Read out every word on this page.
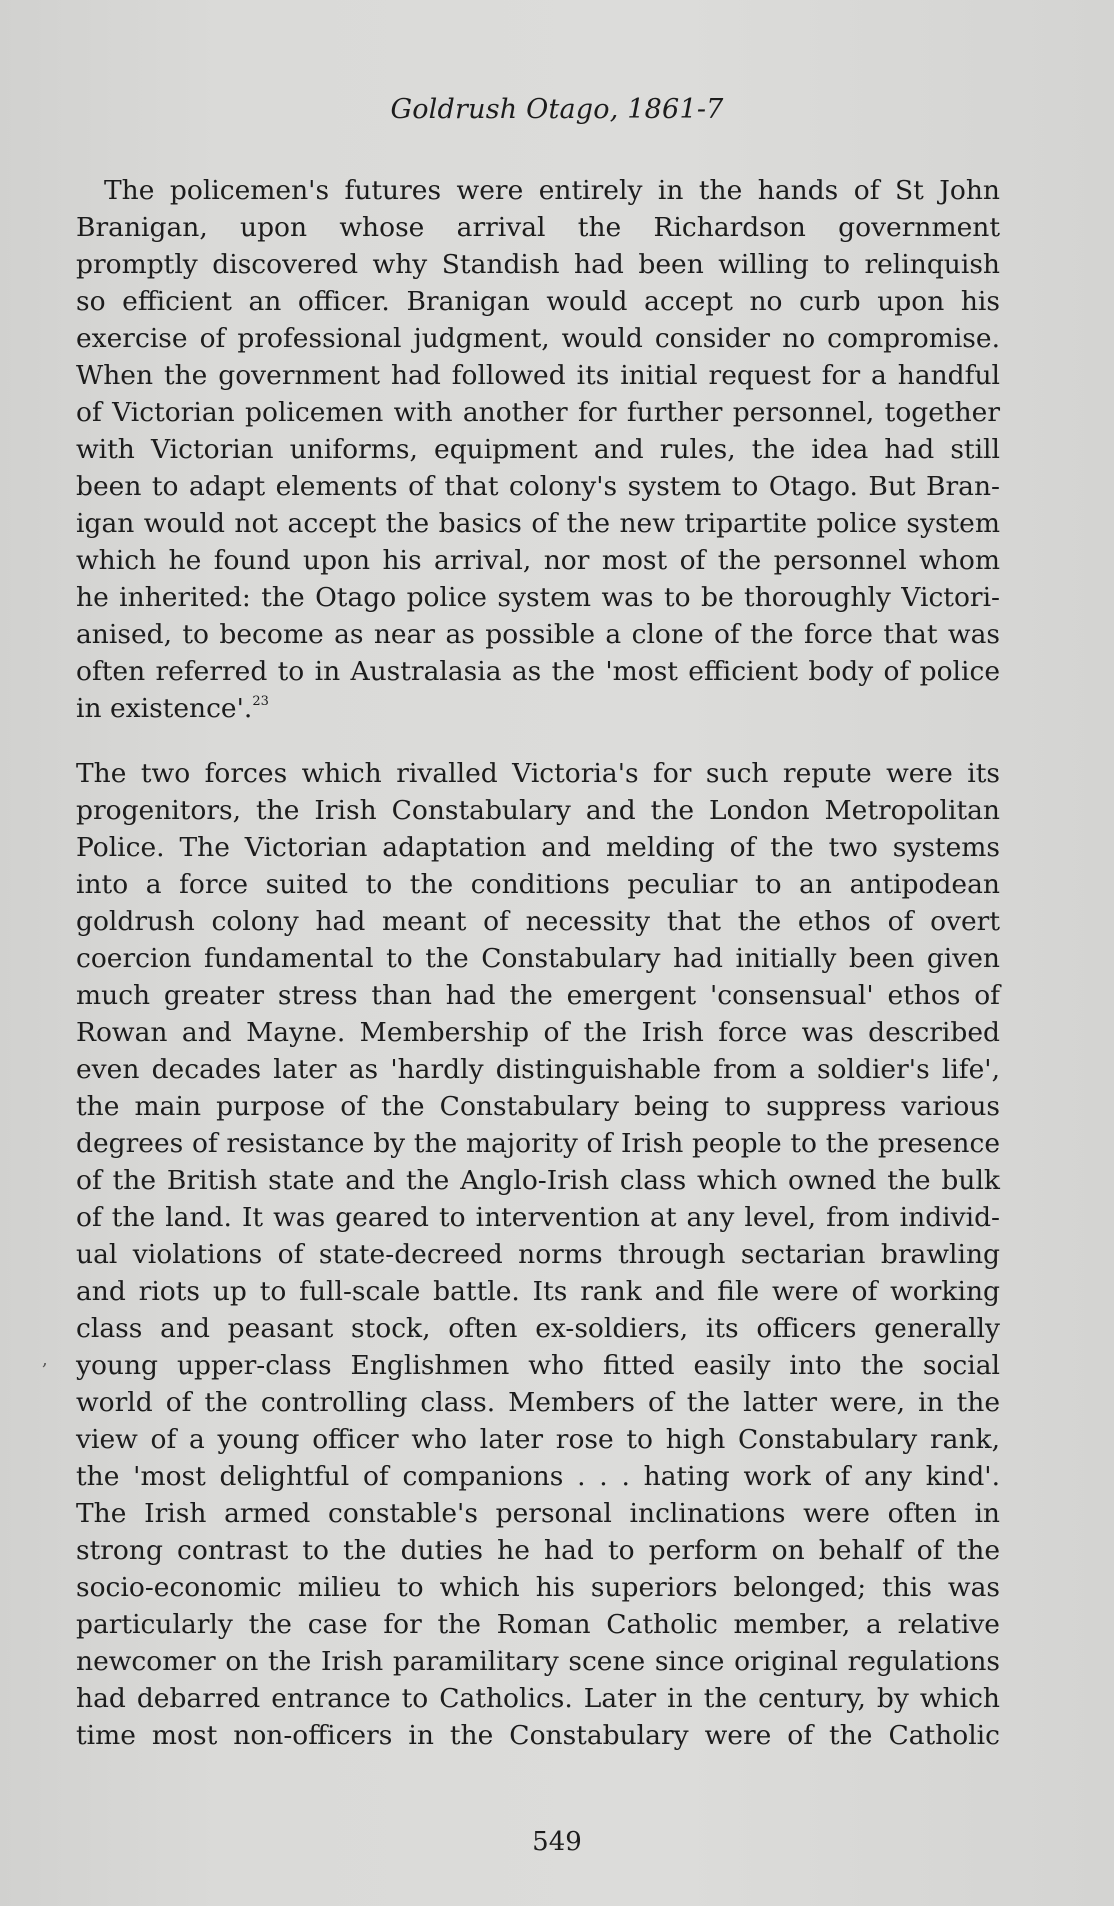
Goldrush Otago, 1861-7
The policemen's futures were entirely in the hands of St John
Branigan, upon whose arrival the Richardson government
promptly discovered why Standish had been willing to relinquish
so efficient an officer. Branigan would accept no curb upon his
exercise of professional judgment, would consider no compromise.
When the government had followed its initial request for a handful
of Victorian policemen with another for further personnel, together
with Victorian uniforms, equipment and rules, the idea had still
been to adapt elements of that colony's system to Otago. But Bran-
igan would not accept the basics of the new tripartite police system
which he found upon his arrival, nor most of the personnel whom
he inherited: the Otago police system was to be thoroughly Victori-
anised, to become as near as possible a clone of the force that was
often referred to in Australasia as the 'most efficient body of police
in existence'.$^{23}$
The two forces which rivalled Victoria's for such repute were its
progenitors, the Irish Constabulary and the London Metropolitan
Police. The Victorian adaptation and melding of the two systems
into a force suited to the conditions peculiar to an antipodean
goldrush colony had meant of necessity that the ethos of overt
coercion fundamental to the Constabulary had initially been given
much greater stress than had the emergent 'consensual' ethos of
Rowan and Mayne. Membership of the Irish force was described
even decades later as 'hardly distinguishable from a soldier's life',
the main purpose of the Constabulary being to suppress various
degrees of resistance by the majority of Irish people to the presence
of the British state and the Anglo-Irish class which owned the bulk
of the land. It was geared to intervention at any level, from individ-
ual violations of state-decreed norms through sectarian brawling
and riots up to full-scale battle. Its rank and file were of working
class and peasant stock, often ex-soldiers, its officers generally
young upper-class Englishmen who fitted easily into the social
world of the controlling class. Members of the latter were, in the
view of a young officer who later rose to high Constabulary rank,
the 'most delightful of companions . . . hating work of any kind'.
The Irish armed constable's personal inclinations were often in
strong contrast to the duties he had to perform on behalf of the
socio-economic milieu to which his superiors belonged; this was
particularly the case for the Roman Catholic member, a relative
newcomer on the Irish paramilitary scene since original regulations
had debarred entrance to Catholics. Later in the century, by which
time most non-officers in the Constabulary were of the Catholic
,
549
